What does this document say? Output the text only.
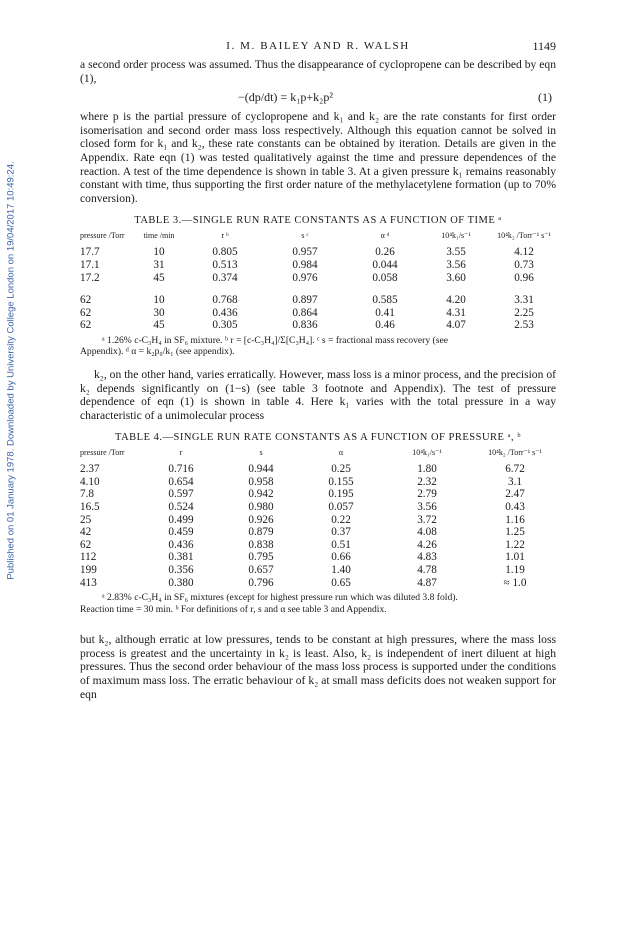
Published on 01 January 1978. Downloaded by University College London on 19/04/2017 10:49:24.
I. M. BAILEY AND R. WALSH	1149

a second order process was assumed. Thus the disappearance of cyclopropene can be described by eqn (1),

−(dp/dt) = k₁p+k₂p²	(1)

where p is the partial pressure of cyclopropene and k₁ and k₂ are the rate constants for first order isomerisation and second order mass loss respectively. Although this equation cannot be solved in closed form for k₁ and k₂, these rate constants can be obtained by iteration. Details are given in the Appendix. Rate eqn (1) was tested qualitatively against the time and pressure dependences of the reaction. A test of the time dependence is shown in table 3. At a given pressure k₁ remains reasonably constant with time, thus supporting the first order nature of the methylacetylene formation (up to 70% conversion).

TABLE 3.—SINGLE RUN RATE CONSTANTS AS A FUNCTION OF TIME ᵃ
pressure /Torr	time /min	r ᵇ	s ᶜ	α ᵈ	10⁴k₁/s⁻¹	10⁴k₂ /Torr⁻¹ s⁻¹

17.7	10	0.805	0.957	0.26	3.55	4.12
17.1	31	0.513	0.984	0.044	3.56	0.73
17.2	45	0.374	0.976	0.058	3.60	0.96

62	10	0.768	0.897	0.585	4.20	3.31
62	30	0.436	0.864	0.41	4.31	2.25
62	45	0.305	0.836	0.46	4.07	2.53
ᵃ 1.26% c-C₃H₄ in SF₆ mixture. ᵇ r = [c-C₃H₄]/Σ[C₃H₄]. ᶜ s = fractional mass recovery (see
Appendix). ᵈ α = k₂p₀/k₁ (see appendix).

k₂, on the other hand, varies erratically. However, mass loss is a minor process, and the precision of k₂ depends significantly on (1−s) (see table 3 footnote and Appendix). The test of pressure dependence of eqn (1) is shown in table 4. Here k₁ varies with the total pressure in a way characteristic of a unimolecular process

TABLE 4.—SINGLE RUN RATE CONSTANTS AS A FUNCTION OF PRESSURE ᵃ, ᵇ
pressure /Torr	r	s	α	10⁴k₁/s⁻¹	10⁴k₂ /Torr⁻¹ s⁻¹

2.37	0.716	0.944	0.25	1.80	6.72
4.10	0.654	0.958	0.155	2.32	3.1
7.8	0.597	0.942	0.195	2.79	2.47
16.5	0.524	0.980	0.057	3.56	0.43
25	0.499	0.926	0.22	3.72	1.16
42	0.459	0.879	0.37	4.08	1.25
62	0.436	0.838	0.51	4.26	1.22
112	0.381	0.795	0.66	4.83	1.01
199	0.356	0.657	1.40	4.78	1.19
413	0.380	0.796	0.65	4.87	≈ 1.0
ᵃ 2.83% c-C₃H₄ in SF₆ mixtures (except for highest pressure run which was diluted 3.8 fold).
Reaction time = 30 min. ᵇ For definitions of r, s and α see table 3 and Appendix.

but k₂, although erratic at low pressures, tends to be constant at high pressures, where the mass loss process is greatest and the uncertainty in k₂ is least. Also, k₂ is independent of inert diluent at high pressures. Thus the second order behaviour of the mass loss process is supported under the conditions of maximum mass loss. The erratic behaviour of k₂ at small mass deficits does not weaken support for eqn
